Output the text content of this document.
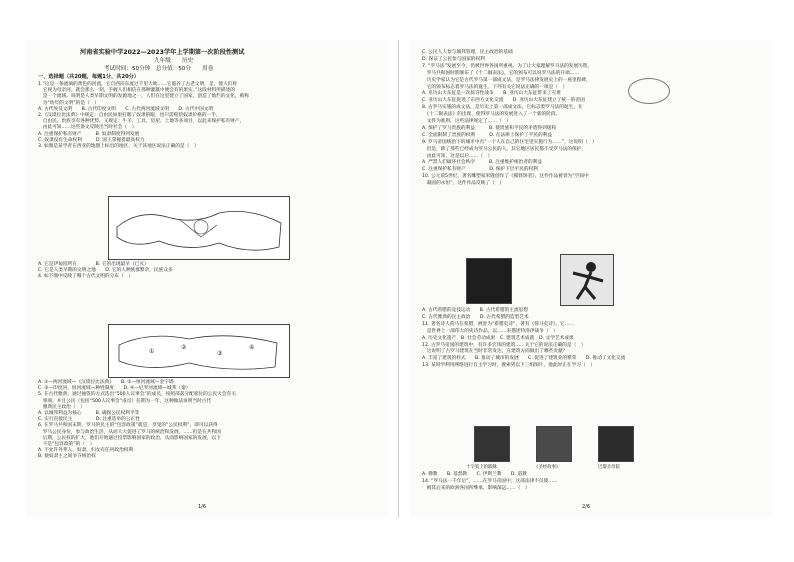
河南省实验中学2022—2023学年上学期第一次阶段性测试
九年级　　历史
考试时间：50分钟　总分值：50分　　用卷
一、选择题（共20题，每题1分，共20分）
1.“这是一条流淌的黄色的河流，它自西向东流过千里大地……它滋养了古老文明，是，使人们将
　它视为母亲河。就会那么一刻，手握人们相信在那种灌溉中便会有的果实。”这段材料所描述的
　是一个流域。说明是人类早期文明的发源地之一，人们在这里建立了国家，创造了灿烂的文化，被称
　为“幼年的文明”的是（　）
A. 古代埃及文明　　B. 古代印度文明　　C. 古代两河流域文明　　D. 古代中国文明
2.《汉谟拉比法典》中规定：自由民如果打瞎了奴隶的眼，也只需赔偿奴隶价格的一半，
　自由民、贵族享有各种优势。又规定：牛羊、工具、房屋、土地等多项目，以此来保护私有财产，
　由此可知……这些条文反映出当时社会（　）
A. 注重保护私有财产　　　B. 奴隶制度得到发展
C. 奴隶没有生命权利　　　D. 国王掌握着最高权力
3. 如图是某学者在西亚的地图上标出的地区，关于该地区说法正确的是（　）
A. 它是伊甸园所在　　　　B. 它的出现最早（已灭）
C. 它是人类早期的文明之地　　D. 它的人种族群繁杂，民族众多
4. 如下图中反映了哪个古代文明的分布（　）
A. ①—两河流域—《汉谟拉比法典》　　B. ②—恒河流域—金字塔
C. ③—印度河、恒河流域—种姓制度　　D. ④—尼罗河流域—城邦（秦）
5. 在古代雅典，通过抽签的方式选出“500人议事会”的成员，按照部落分配席位的公民大会有关
　事项，并且公民（包括“500人议事会”成员）任期为一年，这种做法说明当时古代
　雅典民主政治（　）
A. 以城邦利益为核心　　　B. 确保公民权利平等
C. 实行直接民主　　　　　D. 注重选举的公正性
6. 在罗马共和国末期，罗马的民主的“包容政策”就是，享受的“公民权利”，即可以获得
　罗马公民身份，参与政治生活，从而大大促进了罗马的统治和发展。……但是在共和国
　后期，公民权的扩大，他们开始通过投票影响国家的政治，从而影响国家的发展，以下
　不是“包容政策”的（　）
A. 不允许外邦人、奴隶、妇女有任何政治权利
B. 使奴隶主之间争夺统治权
①
②
③
④
1/6
C. 公民人人参与城邦管理，民主政治的基础
D. 保证了公民参与国家的权利
7. “罗马法”发展至今，仍被世界各国所重视。为了让大家理解罗马法的发展历程，
　罗马共和国时期颁布了《十二铜表法》，它的颁布可以说罗马法的开端……
　历史学家认为它是古代罗马第一部成文法，是罗马法律发展史上的一座里程碑，
　它的颁布标志着罗马法的诞生。下列有关它说法正确的一项是（　）
A. 亚历山大东征是一次掠夺性战争　　B. 亚历山大东征带来了灾难
C. 亚历山大东征促进了东西方文化交流　　D. 亚历山大东征建立了统一的帝国
8. 古罗马实施的成文法，是历史上第一部成文法，它标志着罗马法的诞生。在
　《十二铜表法》的出现，使得罗马法的发展进入了一个新的阶段。
　文件为准则，这些法律规定了……（　）
A. 保护了罗马贵族的利益　　　B. 使贵族和平民的矛盾得到缓和
C. 全面限制了贵族的权利　　　D. 在法律上保护了平民的利益
9. 罗马帝国统治下的城市中有“一个人在自己的住宅里实施行为……”，这说明（　）
　但是，除了那些已经成为罗马公民的人，其它地区居民都不受罗马法的保护，
　由此可知，这是以后……（　）
A. 严禁人们破坏社会秩序　　　B. 注重维护统治者的利益
C. 注重保护私有财产　　　　　D. 保护下层平民的权利
10. 公元前5世纪，著名雕塑家米隆创作了《掷铁饼者》，这件作品被誉为“空间中
　凝固的永恒”，这件作品反映了（　）
A. 古代希腊的竞技运动　　B. 古代希腊的主流思想
C. 古代雅典的民主政治　　D. 古代希腊的造型艺术
11. 著名诗人荷马在希腊，被誉为“希腊史诗”，著有《荷马史诗》，它……
　是世界上一部伟大的史诗作品，以……来描述特洛伊战争（　）
A. 历史文化遗产　B. 社会劳动成果　C. 建筑艺术成就　D. 文学艺术成果
12. 古罗马帝国的建筑中，有许多宏伟的建筑……关于它的说法正确的是（　）
　这说明了古罗马建筑在当时非常发达，在建筑方面做出了哪些贡献？
A. 丰富了建筑的样式　　B. 推动了城市的发展　　C. 促进了建筑业的繁荣　　D. 推动了文化交流
13. 某同学利用网络进行自主学习时，搜索到以下三组图片，他此时正在学习（　）
A. 佛教　　B. 基督教　　C. 伊斯兰教　　D. 道教
14. “罗马法一千年后”，……在罗马帝国中，这部法律不仅使……
　被其后来的欧洲各国所继承，影响深远……（　）
十字架上的耶稣	《圣经故事》	巴黎圣母院
2/6
